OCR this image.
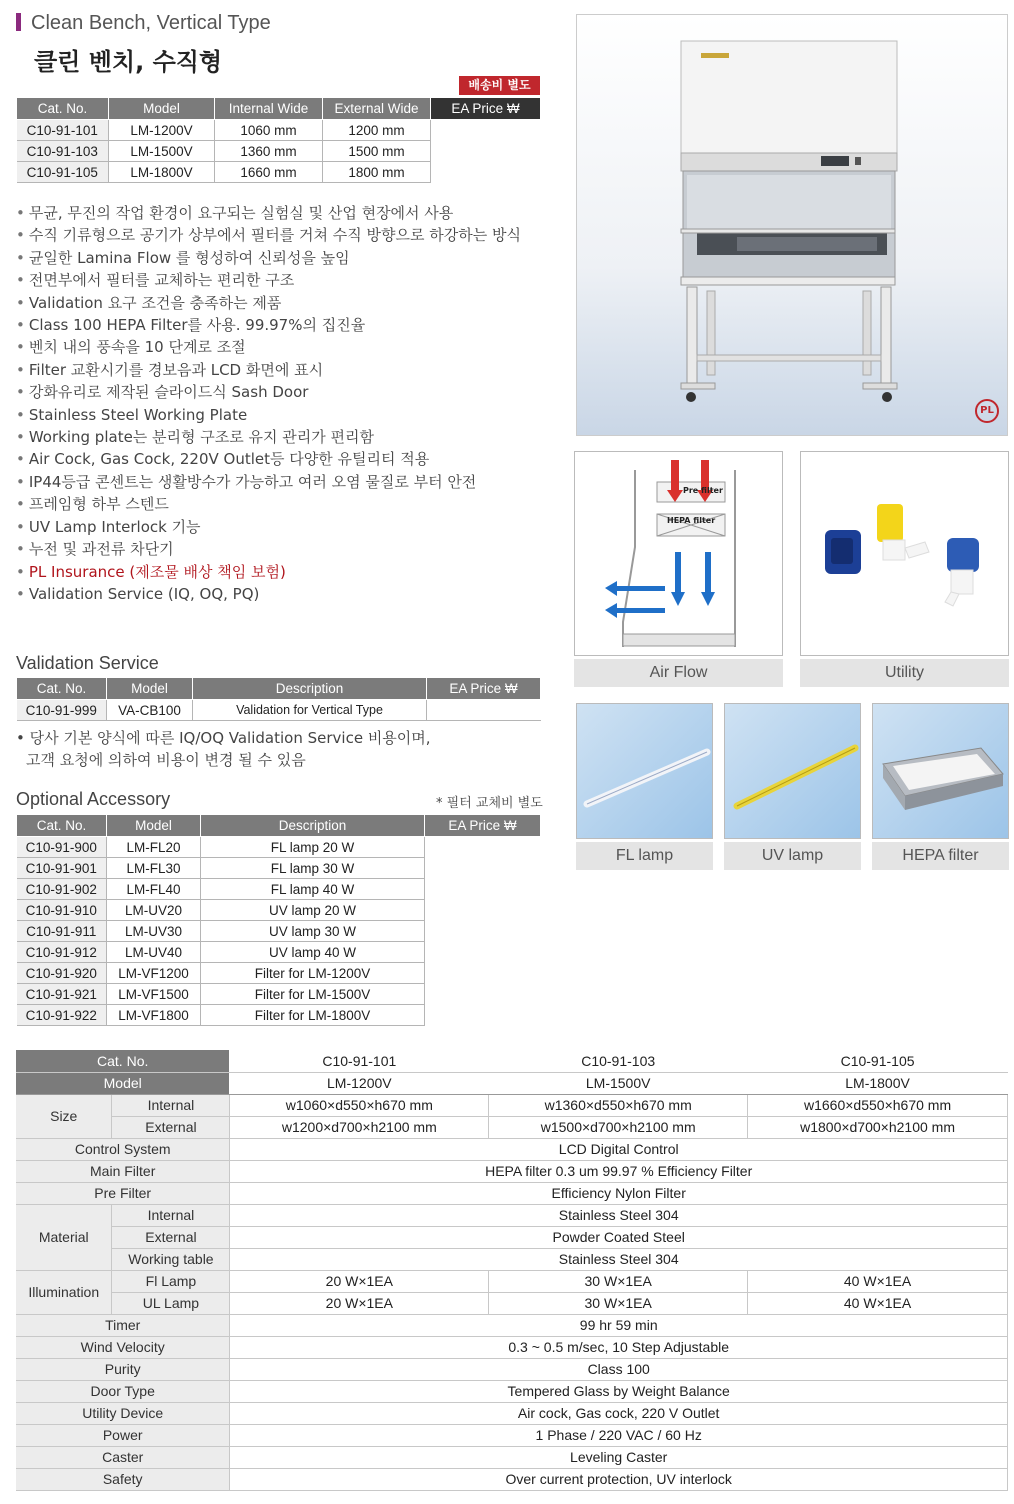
Clean Bench, Vertical Type
클린 벤치, 수직형
배송비 별도
Cat. No.	Model	Internal Wide	External Wide	EA Price ₩
C10-91-101	LM-1200V	1060 mm	1200 mm	
C10-91-103	LM-1500V	1360 mm	1500 mm	
C10-91-105	LM-1800V	1660 mm	1800 mm	
• 무균, 무진의 작업 환경이 요구되는 실험실 및 산업 현장에서 사용
• 수직 기류형으로 공기가 상부에서 필터를 거쳐 수직 방향으로 하강하는 방식
• 균일한 Lamina Flow 를 형성하여 신뢰성을 높임
• 전면부에서 필터를 교체하는 편리한 구조
• Validation 요구 조건을 충족하는 제품
• Class 100 HEPA Filter를 사용. 99.97%의 집진율
• 벤치 내의 풍속을 10 단계로 조절
• Filter 교환시기를 경보음과 LCD 화면에 표시
• 강화유리로 제작된 슬라이드식 Sash Door
• Stainless Steel Working Plate
• Working plate는 분리형 구조로 유지 관리가 편리함
• Air Cock, Gas Cock, 220V Outlet등 다양한 유틸리티 적용
• IP44등급 콘센트는 생활방수가 가능하고 여러 오염 물질로 부터 안전
• 프레임형 하부 스텐드
• UV Lamp Interlock 기능
• 누전 및 과전류 차단기
• PL Insurance (제조물 배상 책임 보험)
• Validation Service (IQ, OQ, PQ)
Validation Service
Cat. No.	Model	Description	EA Price ₩
C10-91-999	VA-CB100	Validation for Vertical Type	
• 당사 기본 양식에 따른 IQ/OQ Validation Service 비용이며,
고객 요청에 의하여 비용이 변경 될 수 있음
Optional Accessory	* 필터 교체비 별도
Cat. No.	Model	Description	EA Price ₩
C10-91-900	LM-FL20	FL lamp 20 W	
C10-91-901	LM-FL30	FL lamp 30 W	
C10-91-902	LM-FL40	FL lamp 40 W	
C10-91-910	LM-UV20	UV lamp 20 W	
C10-91-911	LM-UV30	UV lamp 30 W	
C10-91-912	LM-UV40	UV lamp 40 W	
C10-91-920	LM-VF1200	Filter for LM-1200V	
C10-91-921	LM-VF1500	Filter for LM-1500V	
C10-91-922	LM-VF1800	Filter for LM-1800V	
PL
Pre filter
HEPA filter
Air Flow	Utility
FL lamp	UV lamp	HEPA filter
Cat. No.		C10-91-101	C10-91-103	C10-91-105
Model		LM-1200V	LM-1500V	LM-1800V
Size	Internal	w1060×d550×h670 mm	w1360×d550×h670 mm	w1660×d550×h670 mm
	External	w1200×d700×h2100 mm	w1500×d700×h2100 mm	w1800×d700×h2100 mm
Control System		LCD Digital Control		
Main Filter		HEPA filter 0.3 um 99.97 % Efficiency Filter		
Pre Filter		Efficiency Nylon Filter		
Material	Internal	Stainless Steel 304		
	External	Powder Coated Steel		
	Working table	Stainless Steel 304		
Illumination	Fl Lamp	20 W×1EA	30 W×1EA	40 W×1EA
	UL Lamp	20 W×1EA	30 W×1EA	40 W×1EA
Timer		99 hr 59 min		
Wind Velocity		0.3 ~ 0.5 m/sec, 10 Step Adjustable		
Purity		Class 100		
Door Type		Tempered Glass by Weight Balance		
Utility Device		Air cock, Gas cock, 220 V Outlet		
Power		1 Phase / 220 VAC / 60 Hz		
Caster		Leveling Caster		
Safety		Over current protection, UV interlock		
